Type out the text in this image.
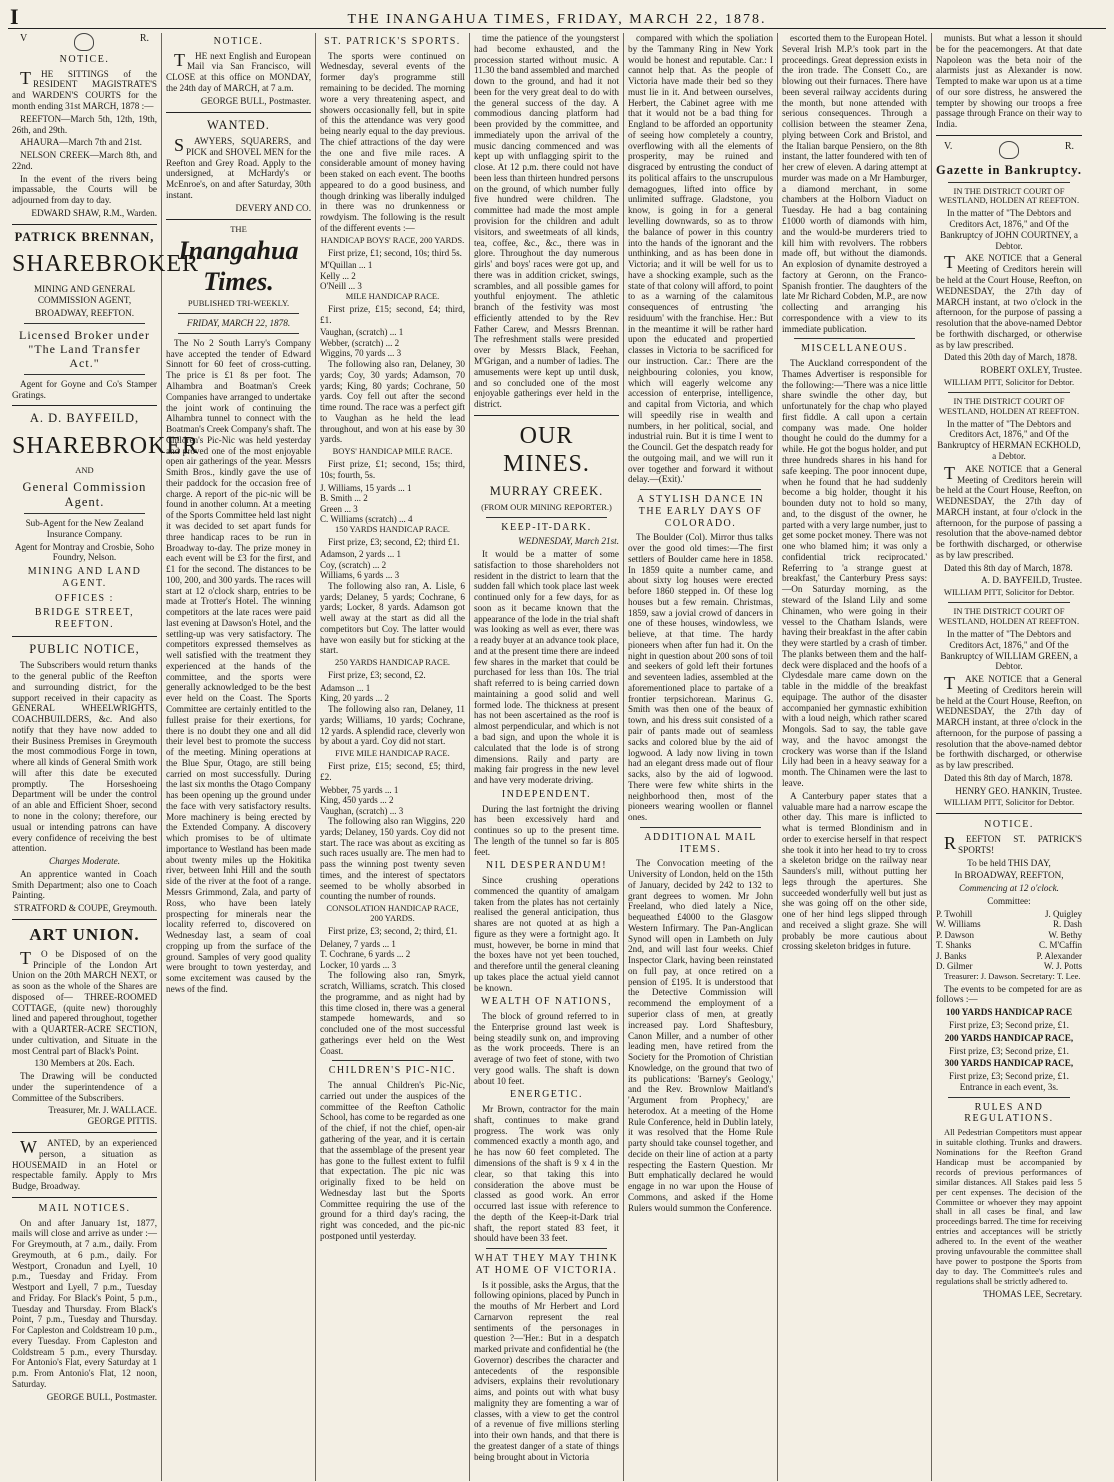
I	THE INANGAHUA TIMES, FRIDAY, MARCH 22, 1878.
V	R.
NOTICE.

THE SITTINGS of the RESIDENT MAGISTRATE'S and WARDEN'S COURTS for the month ending 31st MARCH, 1878 :—

REEFTON—March 5th, 12th, 19th, 26th, and 29th.

AHAURA—March 7th and 21st.

NELSON CREEK—March 8th, and 22nd.

In the event of the rivers being impassable, the Courts will be adjourned from day to day.

EDWARD SHAW, R.M., Warden.

PATRICK BRENNAN,
SHAREBROKER

MINING AND GENERAL COMMISSION AGENT,

BROADWAY, REEFTON.

Licensed Broker under "The Land Transfer Act."

Agent for Goyne and Co's Stamper Gratings.

A. D. BAYFEILD,
SHAREBROKER

AND

General Commission Agent.

Sub-Agent for the New Zealand Insurance Company.

Agent for Montray and Crosbie, Soho Foundry, Nelson.

MINING AND LAND AGENT.
OFFICES :
BRIDGE STREET, REEFTON.
PUBLIC NOTICE,

The Subscribers would return thanks to the general public of the Reefton and surrounding district, for the support received in their capacity as GENERAL WHEELWRIGHTS, COACHBUILDERS, &c. And also notify that they have now added to their Business Premises in Greymouth the most commodious Forge in town, where all kinds of General Smith work will after this date be executed promptly. The Horseshoeing Department will be under the control of an able and Efficient Shoer, second to none in the colony; therefore, our usual or intending patrons can have every confidence of receiving the best attention.

Charges Moderate.

An apprentice wanted in Coach Smith Department; also one to Coach Painting.

STRATFORD & COUPE, Greymouth.

ART UNION.

TO be Disposed of on the Principle of the London Art Union on the 20th MARCH NEXT, or as soon as the whole of the Shares are disposed of— THREE-ROOMED COTTAGE, (quite new) thoroughly lined and papered throughout, together with a QUARTER-ACRE SECTION, under cultivation, and Situate in the most Central part of Black's Point.

130 Members at 20s. Each.

The Drawing will be conducted under the superintendence of a Committee of the Subscribers.

Treasurer, Mr. J. WALLACE. GEORGE PITTIS.

WANTED, by an experienced person, a situation as HOUSEMAID in an Hotel or respectable family. Apply to Mrs Budge, Broadway.

MAIL NOTICES.

On and after January 1st, 1877, mails will close and arrive as under :— For Greymouth, at 7 a.m., daily. From Greymouth, at 6 p.m., daily. For Westport, Cronadun and Lyell, 10 p.m., Tuesday and Friday. From Westport and Lyell, 7 p.m., Tuesday and Friday. For Black's Point, 5 p.m., Tuesday and Thursday. From Black's Point, 7 p.m., Tuesday and Thursday. For Capleston and Coldstream 10 p.m., every Tuesday. From Capleston and Coldstream 5 p.m., every Thursday. For Antonio's Flat, every Saturday at 1 p.m. From Antonio's Flat, 12 noon, Saturday.

GEORGE BULL, Postmaster.

NOTICE.

THE next English and European Mail via San Francisco, will CLOSE at this office on MONDAY, the 24th day of MARCH, at 7 a.m.

GEORGE BULL, Postmaster.

WANTED.

SAWYERS, SQUARERS, and PICK and SHOVEL MEN for the Reefton and Grey Road. Apply to the undersigned, at McHardy's or McEnroe's, on and after Saturday, 30th instant.

DEVERY AND CO.

THE

Inangahua Times.

PUBLISHED TRI-WEEKLY.

FRIDAY, MARCH 22, 1878.

The No 2 South Larry's Company have accepted the tender of Edward Sinnott for 60 feet of cross-cutting. The price is £1 8s per foot. The Alhambra and Boatman's Creek Companies have arranged to undertake the joint work of continuing the Alhambra tunnel to connect with the Boatman's Creek Company's shaft. The Children's Pic-Nic was held yesterday and proved one of the most enjoyable open air gatherings of the year. Messrs Smith Bros., kindly gave the use of their paddock for the occasion free of charge. A report of the pic-nic will be found in another column. At a meeting of the Sports Committee held last night it was decided to set apart funds for three handicap races to be run in Broadway to-day. The prize money in each event will be £3 for the first, and £1 for the second. The distances to be 100, 200, and 300 yards. The races will start at 12 o'clock sharp, entries to be made at Trotter's Hotel. The winning competitors at the late races were paid last evening at Dawson's Hotel, and the settling-up was very satisfactory. The competitors expressed themselves as well satisfied with the treatment they experienced at the hands of the committee, and the sports were generally acknowledged to be the best ever held on the Coast. The Sports Committee are certainly entitled to the fullest praise for their exertions, for there is no doubt they one and all did their level best to promote the success of the meeting. Mining operations at the Blue Spur, Otago, are still being carried on most successfully. During the last six months the Otago Company has been opening up the ground under the face with very satisfactory results. More machinery is being erected by the Extended Company. A discovery which promises to be of ultimate importance to Westland has been made about twenty miles up the Hokitika river, between Inhi Hill and the south side of the river at the foot of a range. Messrs Grimmond, Zala, and party of Ross, who have been lately prospecting for minerals near the locality referred to, discovered on Wednesday last, a seam of coal cropping up from the surface of the ground. Samples of very good quality were brought to town yesterday, and some excitement was caused by the news of the find.

ST. PATRICK'S SPORTS.

The sports were continued on Wednesday, several events of the former day's programme still remaining to be decided. The morning wore a very threatening aspect, and showers occasionally fell, but in spite of this the attendance was very good being nearly equal to the day previous. The chief attractions of the day were the one and five mile races. A considerable amount of money having been staked on each event. The booths appeared to do a good business, and though drinking was liberally indulged in there was no drunkenness or rowdyism. The following is the result of the different events :—

HANDICAP BOYS' RACE, 200 YARDS.

First prize, £1; second, 10s; third 5s.

M'Quillan ... 1
Kelly ... 2
O'Neill ... 3

MILE HANDICAP RACE.

First prize, £15; second, £4; third, £1.

Vaughan, (scratch) ... 1
Webber, (scratch) ... 2
Wiggins, 70 yards ... 3

The following also ran, Delaney, 30 yards; Coy, 30 yards; Adamson, 70 yards; King, 80 yards; Cochrane, 50 yards. Coy fell out after the second time round. The race was a perfect gift to Vaughan as he held the lead throughout, and won at his ease by 30 yards.

BOYS' HANDICAP MILE RACE.

First prize, £1; second, 15s; third, 10s; fourth, 5s.

J. Williams, 15 yards ... 1
B. Smith ... 2
Green ... 3
C. Williams (scratch) ... 4

150 YARDS HANDICAP RACE.

First prize, £3; second, £2; third £1.

Adamson, 2 yards ... 1
Coy, (scratch) ... 2
Williams, 6 yards ... 3

The following also ran, A. Lisle, 6 yards; Delaney, 5 yards; Cochrane, 6 yards; Locker, 8 yards. Adamson got well away at the start as did all the competitors but Coy. The latter would have won easily but for sticking at the start.

250 YARDS HANDICAP RACE.

First prize, £3; second, £2.

Adamson ... 1
King, 20 yards ... 2

The following also ran, Delaney, 11 yards; Williams, 10 yards; Cochrane, 12 yards. A splendid race, cleverly won by about a yard. Coy did not start.

FIVE MILE HANDICAP RACE.

First prize, £15; second, £5; third, £2.

Webber, 75 yards ... 1
King, 450 yards ... 2
Vaughan, (scratch) ... 3

The following also ran Wiggins, 220 yards; Delaney, 150 yards. Coy did not start. The race was about as exciting as such races usually are. The men had to pass the winning post twenty seven times, and the interest of spectators seemed to be wholly absorbed in counting the number of rounds.

CONSOLATION HANDICAP RACE, 200 YARDS.

First prize, £3; second, 2; third, £1.

Delaney, 7 yards ... 1
T. Cochrane, 6 yards ... 2
Locker, 10 yards ... 3

The following also ran, Smyrk, scratch, Williams, scratch. This closed the programme, and as night had by this time closed in, there was a general stampede homewards, and so concluded one of the most successful gatherings ever held on the West Coast.

CHILDREN'S PIC-NIC.

The annual Children's Pic-Nic, carried out under the auspices of the committee of the Reefton Catholic School, has come to be regarded as one of the chief, if not the chief, open-air gathering of the year, and it is certain that the assemblage of the present year has gone to the fullest extent to fulfil that expectation. The pic nic was originally fixed to be held on Wednesday last but the Sports Committee requiring the use of the ground for a third day's racing, the right was conceded, and the pic-nic postponed until yesterday.

time the patience of the youngsterst had become exhausted, and the procession started without music. A 11.30 the band assembled and marched down to the ground, and had it not been for the very great deal to do with the general success of the day. A commodious dancing platform had been provided by the committee, and immediately upon the arrival of the music dancing commenced and was kept up with unflagging spirit to the close. At 12 p.m. there could not have been less than thirteen hundred persons on the ground, of which number fully five hundred were children. The committee had made the most ample provision for the children and adult visitors, and sweetmeats of all kinds, tea, coffee, &c., &c., there was in glore. Throughout the day numerous girls' and boys' races were got up, and there was in addition cricket, swings, scrambles, and all possible games for youthful enjoyment. The athletic branch of the festivity was most efficiently attended to by the Rev Father Carew, and Messrs Brennan. The refreshment stalls were presided over by Messrs Black, Feehan, M'Grigan, and a number of ladies. The amusements were kept up until dusk, and so concluded one of the most enjoyable gatherings ever held in the district.

OUR MINES.
MURRAY CREEK.

(FROM OUR MINING REPORTER.)

KEEP-IT-DARK.

WEDNESDAY, March 21st.

It would be a matter of some satisfaction to those shareholders not resident in the district to learn that the sudden fall which took place last week continued only for a few days, for as soon as it became known that the appearance of the lode in the trial shaft was looking as well as ever, there was a ready buyer at an advance took place, and at the present time there are indeed few shares in the market that could be purchased for less than 10s. The trial shaft referred to is being carried down maintaining a good solid and well formed lode. The thickness at present has not been ascertained as the roof is almost perpendicular, and which is not a bad sign, and upon the whole it is calculated that the lode is of strong dimensions. Raily and party are making fair progress in the new level and have very moderate driving.

INDEPENDENT.

During the last fortnight the driving has been excessively hard and continues so up to the present time. The length of the tunnel so far is 805 feet.

NIL DESPERANDUM!

Since crushing operations commenced the quantity of amalgam taken from the plates has not certainly realised the general anticipation, thus shares are not quoted at as high a figure as they were a fortnight ago. It must, however, be borne in mind that the boxes have not yet been touched, and therefore until the general cleaning up takes place the actual yield cannot be known.

WEALTH OF NATIONS,

The block of ground referred to in the Enterprise ground last week is being steadily sunk on, and improving as the work proceeds. There is an average of two feet of stone, with two very good walls. The shaft is down about 10 feet.

ENERGETIC.

Mr Brown, contractor for the main shaft, continues to make grand progress. The work was only commenced exactly a month ago, and he has now 60 feet completed. The dimensions of the shaft is 9 x 4 in the clear, so that taking this into consideration the above must be classed as good work. An error occurred last issue with reference to the depth of the Keep-it-Dark trial shaft, the report stated 83 feet, it should have been 33 feet.

WHAT THEY MAY THINK AT HOME OF VICTORIA.

Is it possible, asks the Argus, that the following opinions, placed by Punch in the mouths of Mr Herbert and Lord Carnarvon represent the real sentiments of the personages in question ?—'Her.: But in a despatch marked private and confidential he (the Governor) describes the character and antecedents of the responsible advisers, explains their revolutionary aims, and points out with what busy malignity they are fomenting a war of classes, with a view to get the control of a revenue of five millions sterling into their own hands, and that there is the greatest danger of a state of things being brought about in Victoria

compared with which the spoliation by the Tammany Ring in New York would be honest and reputable. Car.: I cannot help that. As the people of Victoria have made their bed so they must lie in it. And between ourselves, Herbert, the Cabinet agree with me that it would not be a bad thing for England to be afforded an opportunity of seeing how completely a country, overflowing with all the elements of prosperity, may be ruined and disgraced by entrusting the conduct of its political affairs to the unscrupulous demagogues, lifted into office by unlimited suffrage. Gladstone, you know, is going in for a general levelling downwards, so as to throw the balance of power in this country into the hands of the ignorant and the unthinking, and as has been done in Victoria; and it will be well for us to have a shocking example, such as the state of that colony will afford, to point to as a warning of the calamitous consequences of entrusting 'the residuum' with the franchise. Her.: But in the meantime it will be rather hard upon the educated and propertied classes in Victoria to be sacrificed for our instruction. Car.: There are the neighbouring colonies, you know, which will eagerly welcome any accession of enterprise, intelligence, and capital from Victoria, and which will speedily rise in wealth and numbers, in her political, social, and industrial ruin. But it is time I went to the Council. Get the despatch ready for the outgoing mail, and we will run it over together and forward it without delay.—(Exit).'

A STYLISH DANCE IN THE EARLY DAYS OF COLORADO.

The Boulder (Col). Mirror thus talks over the good old times:—The first settlers of Boulder came here in 1858. In 1859 quite a number came, and about sixty log houses were erected before 1860 stepped in. Of these log houses but a few remain. Christmas, 1859, saw a jovial crowd of dancers in one of these houses, windowless, we believe, at that time. The hardy pioneers when after fun had it. On the night in question about 200 sons of toil and seekers of gold left their fortunes and seventeen ladies, assembled at the aforementioned place to partake of a frontier terpsichorean. Marinus G. Smith was then one of the beaux of town, and his dress suit consisted of a pair of pants made out of seamless sacks and colored blue by the aid of logwood. A lady now living in town had an elegant dress made out of flour sacks, also by the aid of logwood. There were few white shirts in the neighborhood then, most of the pioneers wearing woollen or flannel ones.

ADDITIONAL MAIL ITEMS.

The Convocation meeting of the University of London, held on the 15th of January, decided by 242 to 132 to grant degrees to women. Mr John Freeland, who died lately a Nice, bequeathed £4000 to the Glasgow Western Infirmary. The Pan-Anglican Synod will open in Lambeth on July 2nd, and will last four weeks. Chief Inspector Clark, having been reinstated on full pay, at once retired on a pension of £195. It is understood that the Detective Commission will recommend the employment of a superior class of men, at greatly increased pay. Lord Shaftesbury, Canon Miller, and a number of other leading men, have retired from the Society for the Promotion of Christian Knowledge, on the ground that two of its publications: 'Barney's Geology,' and the Rev. Brownlow Maitland's 'Argument from Prophecy,' are heterodox. At a meeting of the Home Rule Conference, held in Dublin lately, it was resolved that the Home Rule party should take counsel together, and decide on their line of action at a party respecting the Eastern Question. Mr Butt emphatically declared he would engage in no war upon the House of Commons, and asked if the Home Rulers would summon the Conference.

escorted them to the European Hotel. Several Irish M.P.'s took part in the proceedings. Great depression exists in the iron trade. The Consett Co., are blowing out their furnaces. There have been several railway accidents during the month, but none attended with serious consequences. Through a collision between the steamer Zena, plying between Cork and Bristol, and the Italian barque Pensiero, on the 8th instant, the latter foundered with ten of her crew of eleven. A daring attempt at murder was made on a Mr Hamburger, a diamond merchant, in some chambers at the Holborn Viaduct on Tuesday. He had a bag containing £1000 worth of diamonds with him, and the would-be murderers tried to kill him with revolvers. The robbers made off, but without the diamonds. An explosion of dynamite destroyed a factory at Geronn, on the Franco-Spanish frontier. The daughters of the late Mr Richard Cobden, M.P., are now collecting and arranging his correspondence with a view to its immediate publication.

MISCELLANEOUS.

The Auckland correspondent of the Thames Advertiser is responsible for the following:—'There was a nice little share swindle the other day, but unfortunately for the chap who played first fiddle. A call upon a certain company was made. One holder thought he could do the dummy for a while. He got the bogus holder, and put three hundreds shares in his hand for safe keeping. The poor innocent dupe, when he found that he had suddenly become a big holder, thought it his bounden duty not to hold so many, and, to the disgust of the owner, he parted with a very large number, just to get some pocket money. There was not one who blamed him; it was only a confidential trick reciprocated.' Referring to 'a strange guest at breakfast,' the Canterbury Press says:—On Saturday morning, as the steward of the Island Lily and some Chinamen, who were going in their vessel to the Chatham Islands, were having their breakfast in the after cabin they were startled by a crash of timber. The planks between them and the half-deck were displaced and the hoofs of a Clydesdale mare came down on the table in the middle of the breakfast equipage. The author of the disaster accompanied her gymnastic exhibition with a loud neigh, which rather scared Mongols. Sad to say, the table gave way, and the havoc amongst the crockery was worse than if the Island Lily had been in a heavy seaway for a month. The Chinamen were the last to leave.

A Canterbury paper states that a valuable mare had a narrow escape the other day. This mare is inflicted to what is termed Blondinism and in order to exercise herself in that respect she took it into her head to try to cross a skeleton bridge on the railway near Saunders's mill, without putting her legs through the apertures. She succeeded wonderfully well but just as she was going off on the other side, one of her hind legs slipped through and received a slight graze. She will probably be more cautious about crossing skeleton bridges in future.

munists. But what a lesson it should be for the peacemongers. At that date Napoleon was the beta noir of the alarmists just as Alexander is now. Tempted to make war upon us at a time of our sore distress, he answered the tempter by showing our troops a free passage through France on their way to India.

V.	R.
Gazette in Bankruptcy.

IN THE DISTRICT COURT OF WESTLAND, HOLDEN AT REEFTON.

In the matter of "The Debtors and Creditors Act, 1876," and Of the Bankruptcy of JOHN COURTNEY, a Debtor.

TAKE NOTICE that a General Meeting of Creditors herein will be held at the Court House, Reefton, on WEDNESDAY, the 27th day of MARCH instant, at two o'clock in the afternoon, for the purpose of passing a resolution that the above-named Debtor be forthwith discharged, or otherwise as by law prescribed.

Dated this 20th day of March, 1878.

ROBERT OXLEY, Trustee.

WILLIAM PITT, Solicitor for Debtor.

IN THE DISTRICT COURT OF WESTLAND, HOLDEN AT REEFTON.

In the matter of "The Debtors and Creditors Act, 1876," and Of the Bankruptcy of HERMAN ECKHOLD, a Debtor.

TAKE NOTICE that a General Meeting of Creditors herein will be held at the Court House, Reefton, on WEDNESDAY, the 27th day of MARCH instant, at four o'clock in the afternoon, for the purpose of passing a resolution that the above-named debtor be forthwith discharged, or otherwise as by law prescribed.

Dated this 8th day of March, 1878.

A. D. BAYFEILD, Trustee.

WILLIAM PITT, Solicitor for Debtor.

IN THE DISTRICT COURT OF WESTLAND, HOLDEN AT REEFTON.

In the matter of "The Debtors and Creditors Act, 1876," and Of the Bankruptcy of WILLIAM GREEN, a Debtor.

TAKE NOTICE that a General Meeting of Creditors herein will be held at the Court House, Reefton, on WEDNESDAY, the 27th day of MARCH instant, at three o'clock in the afternoon, for the purpose of passing a resolution that the above-named debtor be forthwith discharged, or otherwise as by law prescribed.

Dated this 8th day of March, 1878.

HENRY GEO. HANKIN, Trustee.

WILLIAM PITT, Solicitor for Debtor.

NOTICE.

REEFTON ST. PATRICK'S SPORTS!

To be held THIS DAY,

In BROADWAY, REEFTON,

Commencing at 12 o'clock.

Committee:

P. Twohill	J. Quigley
W. Williams	R. Dash
P. Dawson	W. Bethy
T. Shanks	C. M'Caffin
J. Banks	P. Alexander
D. Gilmer	W. J. Potts

Treasurer: J. Dawson. Secretary: T. Lee.

The events to be competed for are as follows :—

100 YARDS HANDICAP RACE

First prize, £3; Second prize, £1.

200 YARDS HANDICAP RACE,

First prize, £3; Second prize, £1.

300 YARDS HANDICAP RACE,

First prize, £3; Second prize, £1. Entrance in each event, 3s.

RULES AND REGULATIONS.

All Pedestrian Competitors must appear in suitable clothing. Trunks and drawers. Nominations for the Reefton Grand Handicap must be accompanied by records of previous performances of similar distances. All Stakes paid less 5 per cent expenses. The decision of the Committee or whoever they may appoint shall in all cases be final, and law proceedings barred. The time for receiving entries and acceptances will be strictly adhered to. In the event of the weather proving unfavourable the committee shall have power to postpone the Sports from day to day. The Committee's rules and regulations shall be strictly adhered to.

THOMAS LEE, Secretary.
